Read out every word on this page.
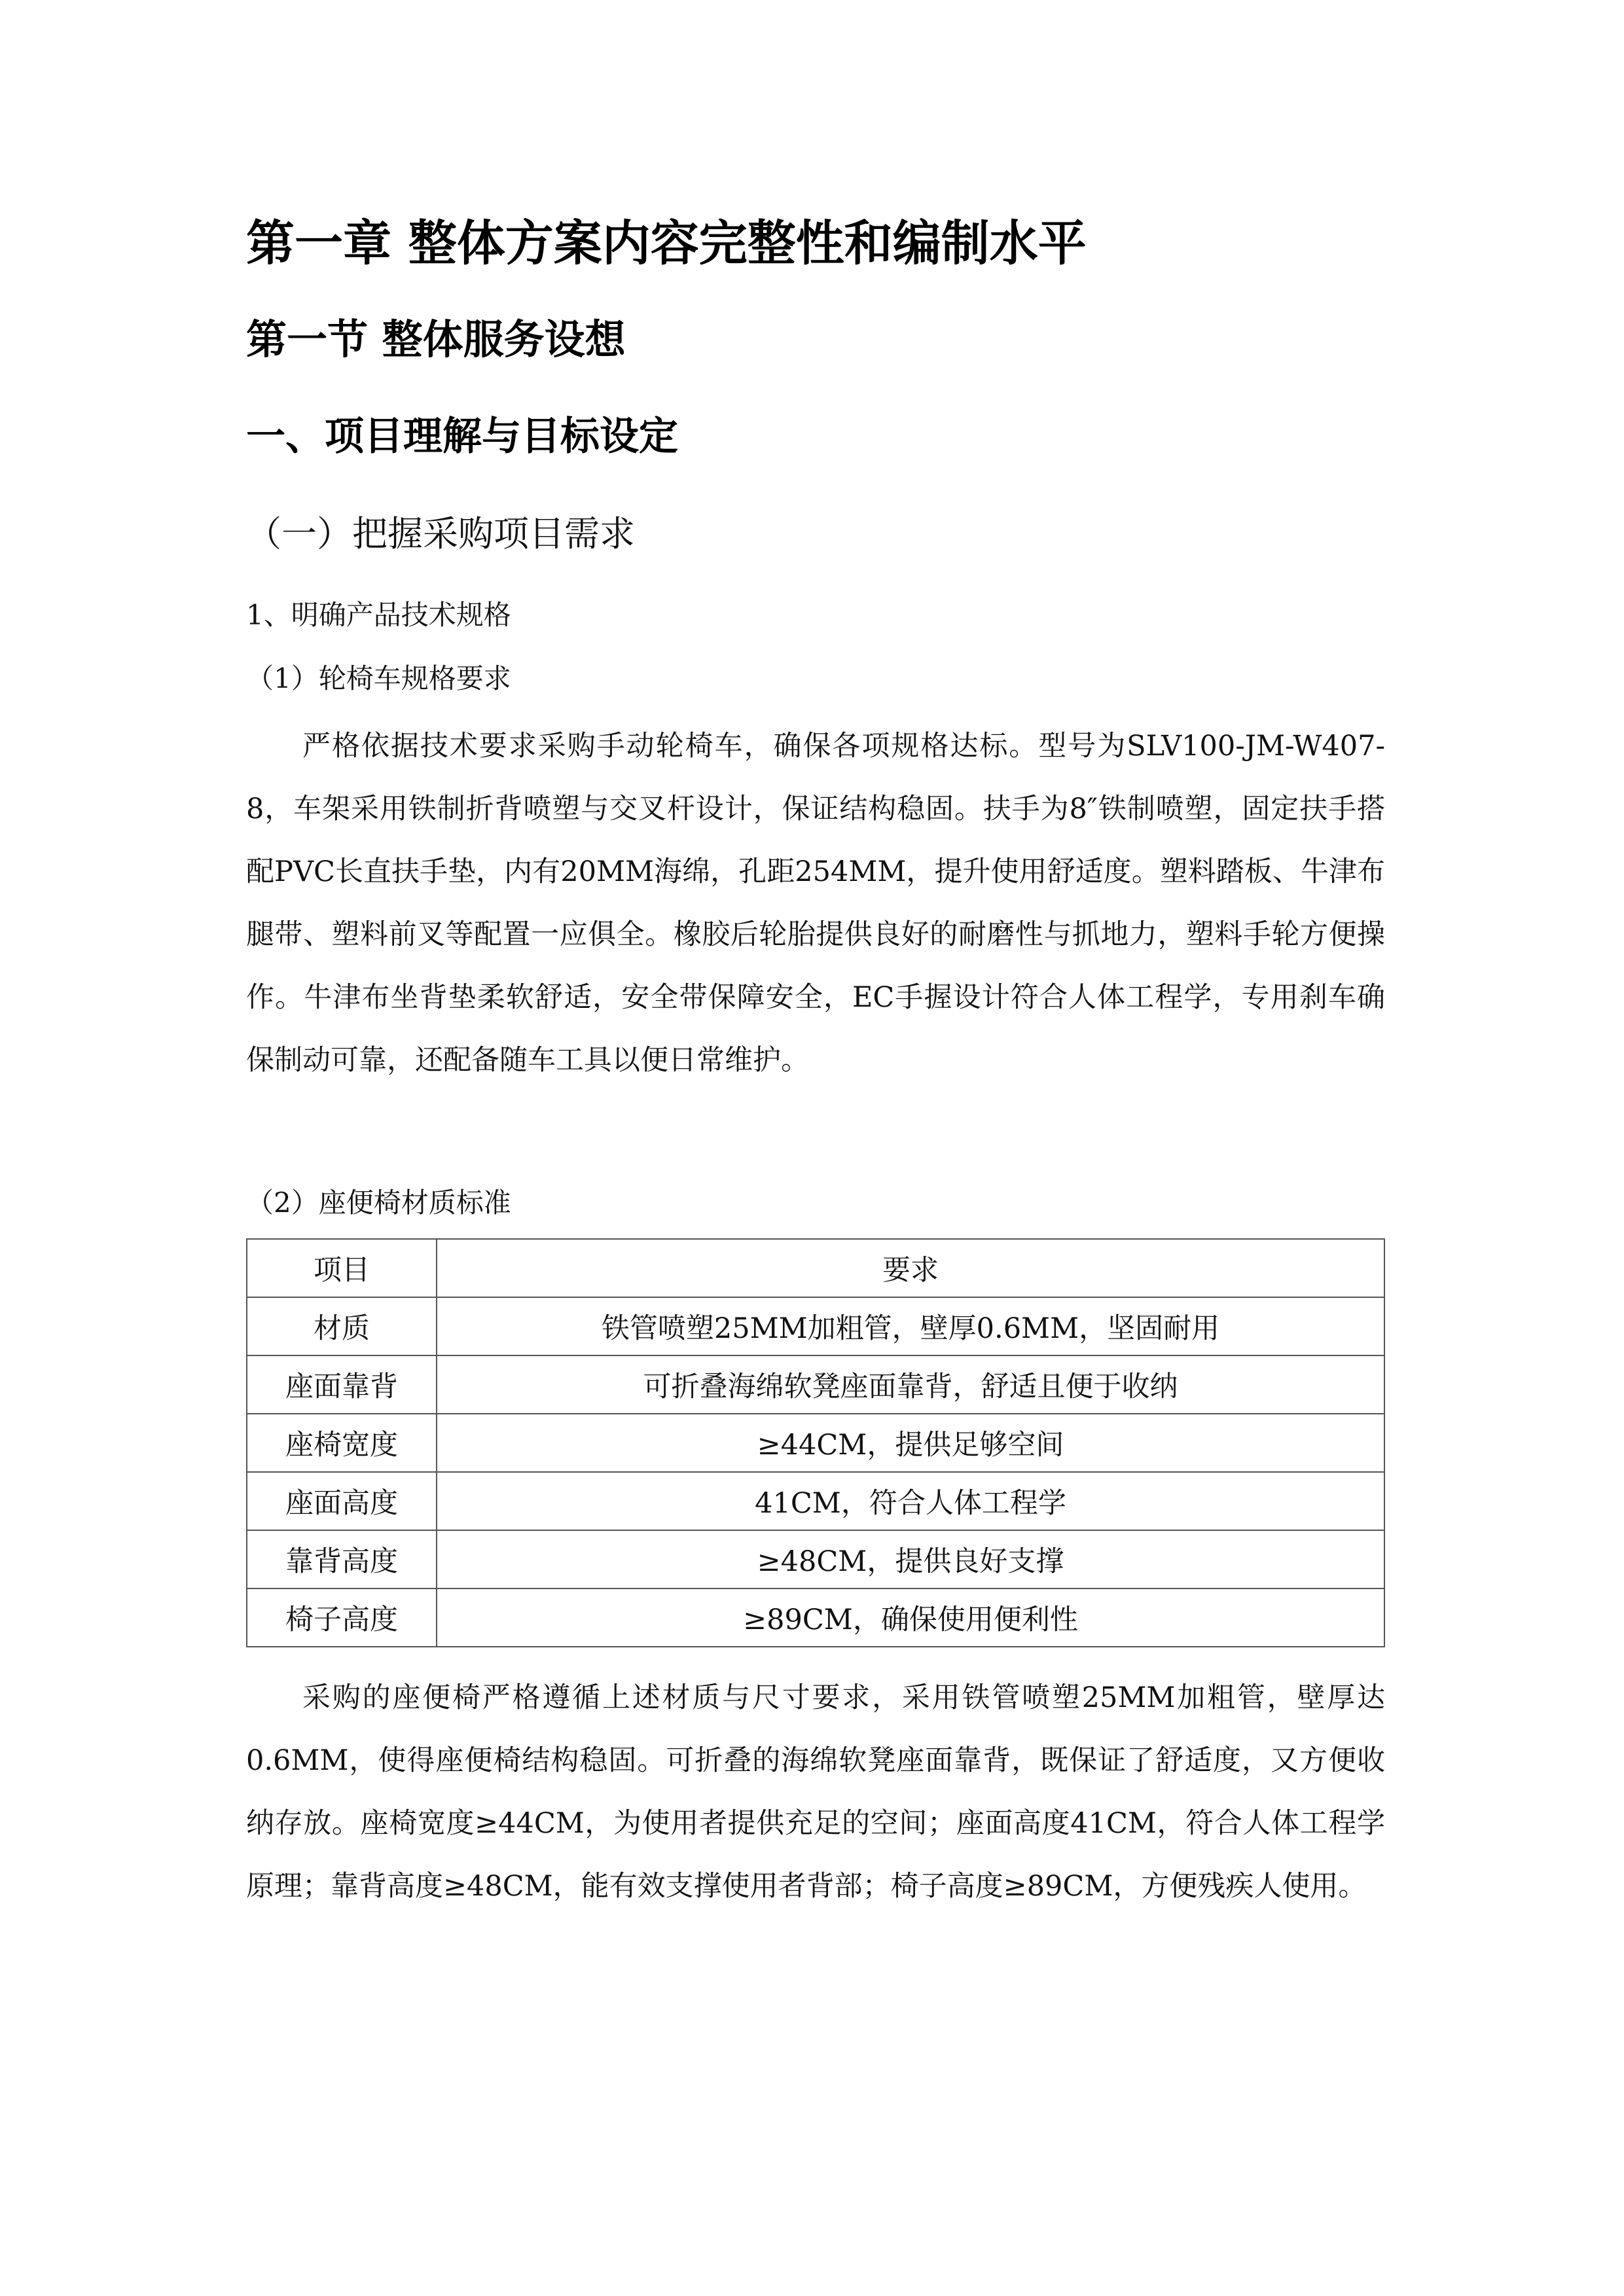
第一章 整体方案内容完整性和编制水平
第一节 整体服务设想
一、项目理解与目标设定
（一）把握采购项目需求
1、明确产品技术规格
（1）轮椅车规格要求

严格依据技术要求采购手动轮椅车，确保各项规格达标。型号为SLV100-JM-W407-8，车架采用铁制折背喷塑与交叉杆设计，保证结构稳固。扶手为8″铁制喷塑，固定扶手搭配PVC长直扶手垫，内有20MM海绵，孔距254MM，提升使用舒适度。塑料踏板、牛津布腿带、塑料前叉等配置一应俱全。橡胶后轮胎提供良好的耐磨性与抓地力，塑料手轮方便操作。牛津布坐背垫柔软舒适，安全带保障安全，EC手握设计符合人体工程学，专用刹车确保制动可靠，还配备随车工具以便日常维护。

（2）座便椅材质标准
项目	要求
材质	铁管喷塑25MM加粗管，壁厚0.6MM，坚固耐用
座面靠背	可折叠海绵软凳座面靠背，舒适且便于收纳
座椅宽度	≥44CM，提供足够空间
座面高度	41CM，符合人体工程学
靠背高度	≥48CM，提供良好支撑
椅子高度	≥89CM，确保使用便利性

采购的座便椅严格遵循上述材质与尺寸要求，采用铁管喷塑25MM加粗管，壁厚达0.6MM，使得座便椅结构稳固。可折叠的海绵软凳座面靠背，既保证了舒适度，又方便收纳存放。座椅宽度≥44CM，为使用者提供充足的空间；座面高度41CM，符合人体工程学原理；靠背高度≥48CM，能有效支撑使用者背部；椅子高度≥89CM，方便残疾人使用。
